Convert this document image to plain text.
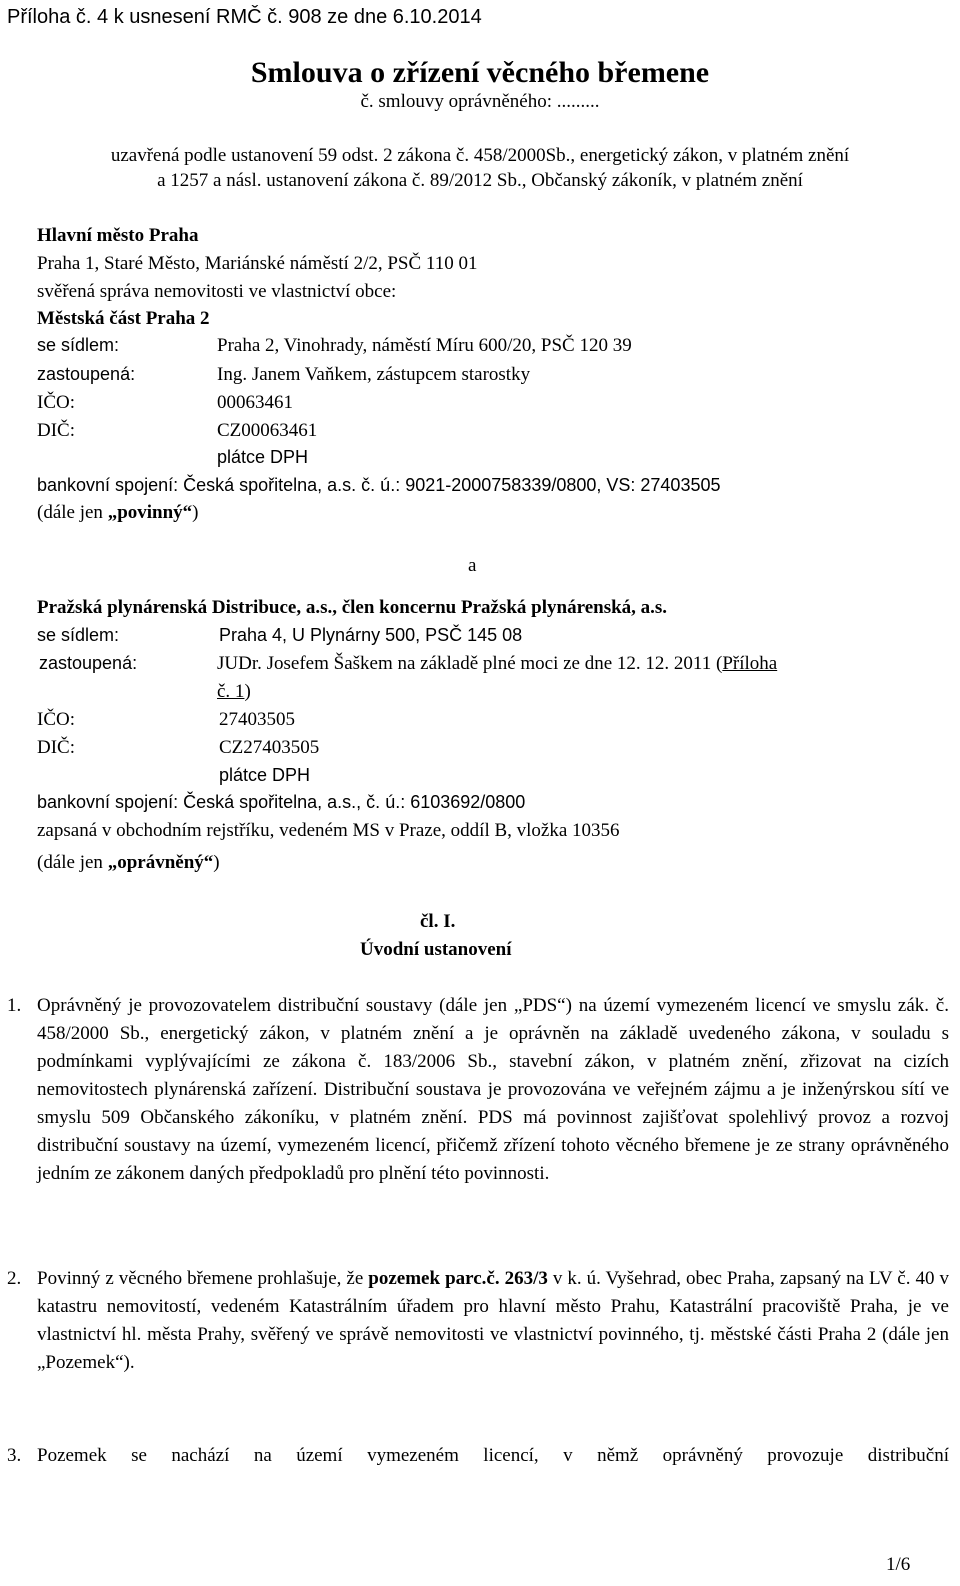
Příloha č. 4 k usnesení RMČ č. 908 ze dne 6.10.2014
Smlouva o zřízení věcného břemene
č. smlouvy oprávněného: .........
uzavřená podle ustanovení 59 odst. 2 zákona č. 458/2000Sb., energetický zákon, v platném znění
a 1257 a násl. ustanovení zákona č. 89/2012 Sb., Občanský zákoník, v platném znění
Hlavní město Praha
Praha 1, Staré Město, Mariánské náměstí 2/2, PSČ 110 01
svěřená správa nemovitosti ve vlastnictví obce:
Městská část Praha 2
se sídlem:	Praha 2, Vinohrady, náměstí Míru 600/20, PSČ 120 39
zastoupená:	Ing. Janem Vaňkem, zástupcem starostky
IČO:	00063461
DIČ:	CZ00063461
plátce DPH
bankovní spojení: Česká spořitelna, a.s. č. ú.: 9021-2000758339/0800, VS: 27403505
(dále jen „povinný“)
a
Pražská plynárenská Distribuce, a.s., člen koncernu Pražská plynárenská, a.s.
se sídlem:	Praha 4, U Plynárny 500, PSČ 145 08
zastoupená:	JUDr. Josefem Šaškem na základě plné moci ze dne 12. 12. 2011 (Příloha
č. 1)
IČO:	27403505
DIČ:	CZ27403505
plátce DPH
bankovní spojení: Česká spořitelna, a.s., č. ú.: 6103692/0800
zapsaná v obchodním rejstříku, vedeném MS v Praze, oddíl B, vložka 10356
(dále jen „oprávněný“)
čl. I.
Úvodní ustanovení
1. Oprávněný je provozovatelem distribuční soustavy (dále jen „PDS“) na území vymezeném licencí ve smyslu zák. č. 458/2000 Sb., energetický zákon, v platném znění a je oprávněn na základě uvedeného zákona, v souladu s podmínkami vyplývajícími ze zákona č. 183/2006 Sb., stavební zákon, v platném znění, zřizovat na cizích nemovitostech plynárenská zařízení. Distribuční soustava je provozována ve veřejném zájmu a je inženýrskou sítí ve smyslu 509 Občanského zákoníku, v platném znění. PDS má povinnost zajišťovat spolehlivý provoz a rozvoj distribuční soustavy na území, vymezeném licencí, přičemž zřízení tohoto věcného břemene je ze strany oprávněného jedním ze zákonem daných předpokladů pro plnění této povinnosti.
2. Povinný z věcného břemene prohlašuje, že pozemek parc.č. 263/3 v k. ú. Vyšehrad, obec Praha, zapsaný na LV č. 40 v katastru nemovitostí, vedeném Katastrálním úřadem pro hlavní město Prahu, Katastrální pracoviště Praha, je ve vlastnictví hl. města Prahy, svěřený ve správě nemovitosti ve vlastnictví povinného, tj. městské části Praha 2 (dále jen „Pozemek“).
3. Pozemek se nachází na území vymezeném licencí, v němž oprávněný provozuje distribuční
1/6
